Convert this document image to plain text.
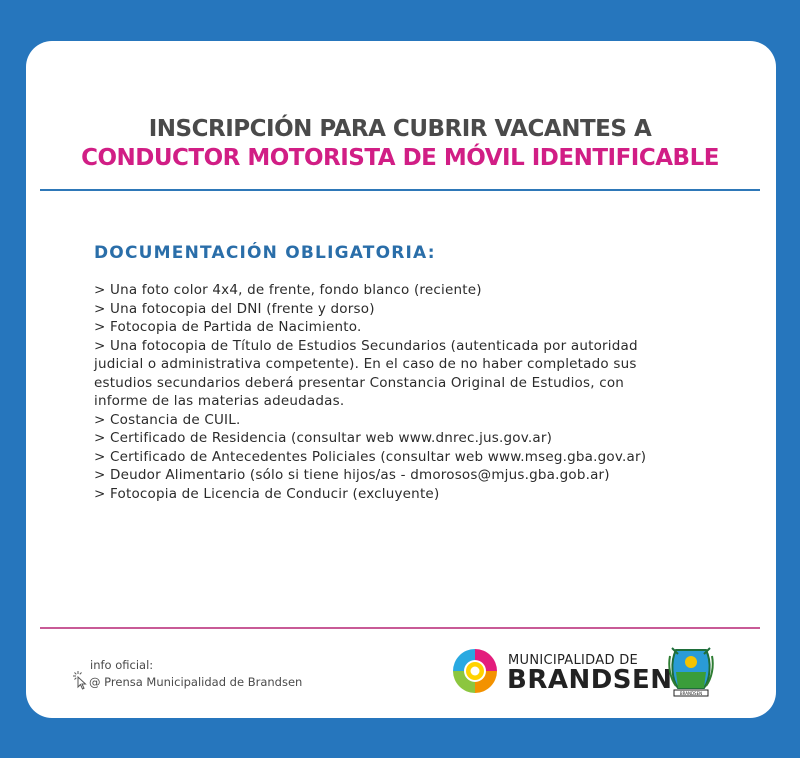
INSCRIPCIÓN PARA CUBRIR VACANTES A
CONDUCTOR MOTORISTA DE MÓVIL IDENTIFICABLE
DOCUMENTACIÓN OBLIGATORIA:
> Una foto color 4x4, de frente, fondo blanco (reciente)
> Una fotocopia del DNI (frente y dorso)
> Fotocopia de Partida de Nacimiento.
> Una fotocopia de Título de Estudios Secundarios (autenticada por autoridad
judicial o administrativa competente). En el caso de no haber completado sus
estudios secundarios deberá presentar Constancia Original de Estudios, con
informe de las materias adeudadas.
> Costancia de CUIL.
> Certificado de Residencia (consultar web www.dnrec.jus.gov.ar)
> Certificado de Antecedentes Policiales (consultar web www.mseg.gba.gov.ar)
> Deudor Alimentario (sólo si tiene hijos/as - dmorosos@mjus.gba.gob.ar)
> Fotocopia de Licencia de Conducir (excluyente)
info oficial:
@ Prensa Municipalidad de Brandsen
MUNICIPALIDAD DE
BRANDSEN BRANDSEN
